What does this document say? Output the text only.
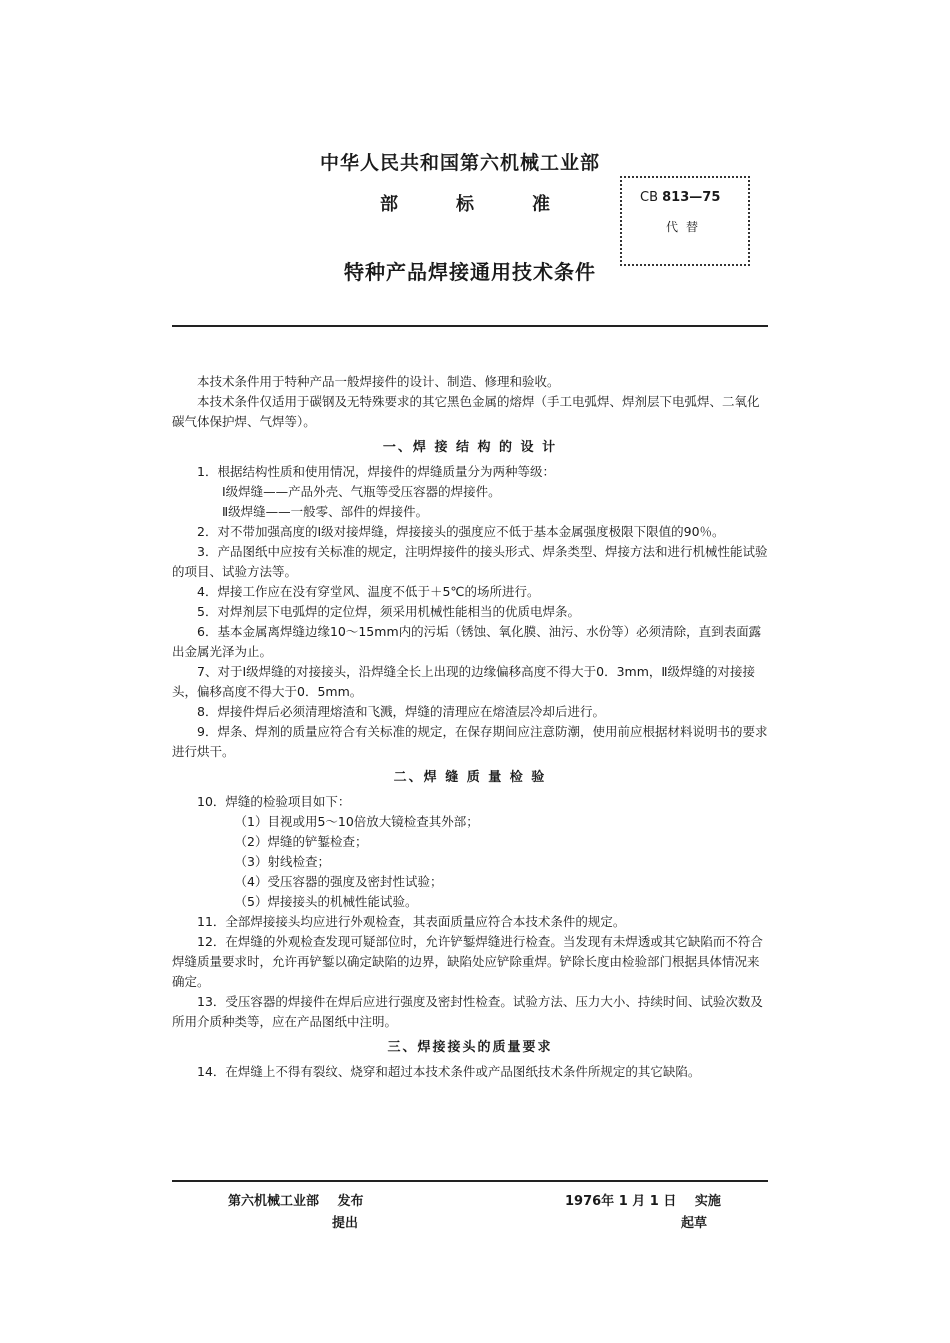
中华人民共和国第六机械工业部
部	标	准	CB 813—75
代替
特种产品焊接通用技术条件

本技术条件用于特种产品一般焊接件的设计、制造、修理和验收。

本技术条件仅适用于碳钢及无特殊要求的其它黑色金属的熔焊（手工电弧焊、焊剂层下电弧焊、二氧化碳气体保护焊、气焊等）。

一、焊 接 结 构 的 设 计

1．根据结构性质和使用情况，焊接件的焊缝质量分为两种等级：

Ⅰ级焊缝——产品外壳、气瓶等受压容器的焊接件。

Ⅱ级焊缝——一般零、部件的焊接件。

2．对不带加强高度的Ⅰ级对接焊缝，焊接接头的强度应不低于基本金属强度极限下限值的90％。

3．产品图纸中应按有关标准的规定，注明焊接件的接头形式、焊条类型、焊接方法和进行机械性能试验的项目、试验方法等。

4．焊接工作应在没有穿堂风、温度不低于＋5℃的场所进行。

5．对焊剂层下电弧焊的定位焊，须采用机械性能相当的优质电焊条。

6．基本金属离焊缝边缘10～15mm内的污垢（锈蚀、氧化膜、油污、水份等）必须清除，直到表面露出金属光泽为止。

7、对于Ⅰ级焊缝的对接接头，沿焊缝全长上出现的边缘偏移高度不得大于0．3mm，Ⅱ级焊缝的对接接头，偏移高度不得大于0．5mm。

8．焊接件焊后必须清理熔渣和飞溅，焊缝的清理应在熔渣层冷却后进行。

9．焊条、焊剂的质量应符合有关标准的规定，在保存期间应注意防潮，使用前应根据材料说明书的要求进行烘干。

二、焊 缝 质 量 检 验

10．焊缝的检验项目如下：

（1）目视或用5～10倍放大镜检查其外部；

（2）焊缝的铲錾检查；

（3）射线检查；

（4）受压容器的强度及密封性试验；

（5）焊接接头的机械性能试验。

11．全部焊接接头均应进行外观检查，其表面质量应符合本技术条件的规定。

12．在焊缝的外观检查发现可疑部位时，允许铲錾焊缝进行检查。当发现有未焊透或其它缺陷而不符合焊缝质量要求时，允许再铲錾以确定缺陷的边界，缺陷处应铲除重焊。铲除长度由检验部门根据具体情况来确定。

13．受压容器的焊接件在焊后应进行强度及密封性检查。试验方法、压力大小、持续时间、试验次数及所用介质种类等，应在产品图纸中注明。

三、焊接接头的质量要求

14．在焊缝上不得有裂纹、烧穿和超过本技术条件或产品图纸技术条件所规定的其它缺陷。

第六机械工业部 发布
提出
1976年 1 月 1 日 实施
起草
